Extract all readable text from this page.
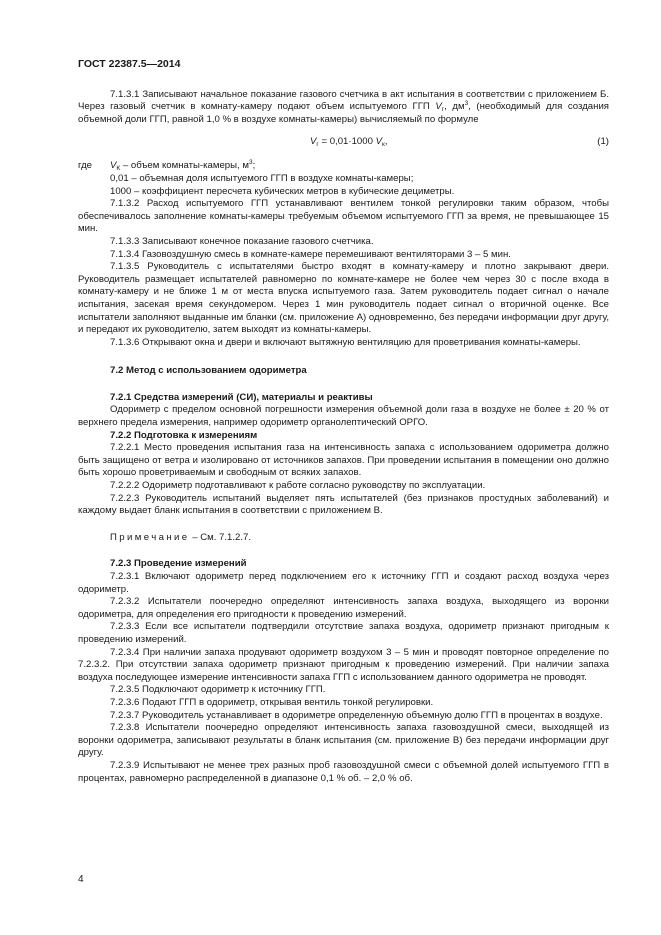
ГОСТ 22387.5—2014

7.1.3.1 Записывают начальное показание газового счетчика в акт испытания в соответствии с приложением Б. Через газовый счетчик в комнату-камеру подают объем испытуемого ГГП $V_г$, $дм^3$, (необходимый для создания объемной доли ГГП, равной 1,0 % в воздухе комнаты-камеры) вычисляемый по формуле

$V_г = 0,01\cdot 1000$ $V_к$,	(1)
где $V_К$ – объем комнаты-камеры, $м^3$;

0,01 – объемная доля испытуемого ГГП в воздухе комнаты-камеры;

1000 – коэффициент пересчета кубических метров в кубические дециметры.

7.1.3.2 Расход испытуемого ГГП устанавливают вентилем тонкой регулировки таким образом, чтобы обеспечивалось заполнение комнаты-камеры требуемым объемом испытуемого ГГП за время, не превышающее 15 мин.

7.1.3.3 Записывают конечное показание газового счетчика.

7.1.3.4 Газовоздушную смесь в комнате-камере перемешивают вентиляторами 3 – 5 мин.

7.1.3.5 Руководитель с испытателями быстро входят в комнату-камеру и плотно закрывают двери. Руководитель размещает испытателей равномерно по комнате-камере не более чем через 30 с после входа в комнату-камеру и не ближе 1 м от места впуска испытуемого газа. Затем руководитель подает сигнал о начале испытания, засекая время секундомером. Через 1 мин руководитель подает сигнал о вторичной оценке. Все испытатели заполняют выданные им бланки (см. приложение А) одновременно, без передачи информации друг другу, и передают их руководителю, затем выходят из комнаты-камеры.

7.1.3.6 Открывают окна и двери и включают вытяжную вентиляцию для проветривания комнаты-камеры.

7.2 Метод с использованием одориметра

7.2.1 Средства измерений (СИ), материалы и реактивы

Одориметр с пределом основной погрешности измерения объемной доли газа в воздухе не более ± 20 % от верхнего предела измерения, например одориметр органолептический ОРГО.

7.2.2 Подготовка к измерениям

7.2.2.1 Место проведения испытания газа на интенсивность запаха с использованием одориметра должно быть защищено от ветра и изолировано от источников запахов. При проведении испытания в помещении оно должно быть хорошо проветриваемым и свободным от всяких запахов.

7.2.2.2 Одориметр подготавливают к работе согласно руководству по эксплуатации.

7.2.2.3 Руководитель испытаний выделяет пять испытателей (без признаков простудных заболеваний) и каждому выдает бланк испытания в соответствии с приложением В.

Примечание – См. 7.1.2.7.

7.2.3 Проведение измерений

7.2.3.1 Включают одориметр перед подключением его к источнику ГГП и создают расход воздуха через одориметр.

7.2.3.2 Испытатели поочередно определяют интенсивность запаха воздуха, выходящего из воронки одориметра, для определения его пригодности к проведению измерений.

7.2.3.3 Если все испытатели подтвердили отсутствие запаха воздуха, одориметр признают пригодным к проведению измерений.

7.2.3.4 При наличии запаха продувают одориметр воздухом 3 – 5 мин и проводят повторное определение по 7.2.3.2. При отсутствии запаха одориметр признают пригодным к проведению измерений. При наличии запаха воздуха последующее измерение интенсивности запаха ГГП с использованием данного одориметра не проводят.

7.2.3.5 Подключают одориметр к источнику ГГП.

7.2.3.6 Подают ГГП в одориметр, открывая вентиль тонкой регулировки.

7.2.3.7 Руководитель устанавливает в одориметре определенную объемную долю ГГП в процентах в воздухе.

7.2.3.8 Испытатели поочередно определяют интенсивность запаха газовоздушной смеси, выходящей из воронки одориметра, записывают результаты в бланк испытания (см. приложение В) без передачи информации друг другу.

7.2.3.9 Испытывают не менее трех разных проб газовоздушной смеси с объемной долей испытуемого ГГП в процентах, равномерно распределенной в диапазоне 0,1 % об. – 2,0 % об.

4
